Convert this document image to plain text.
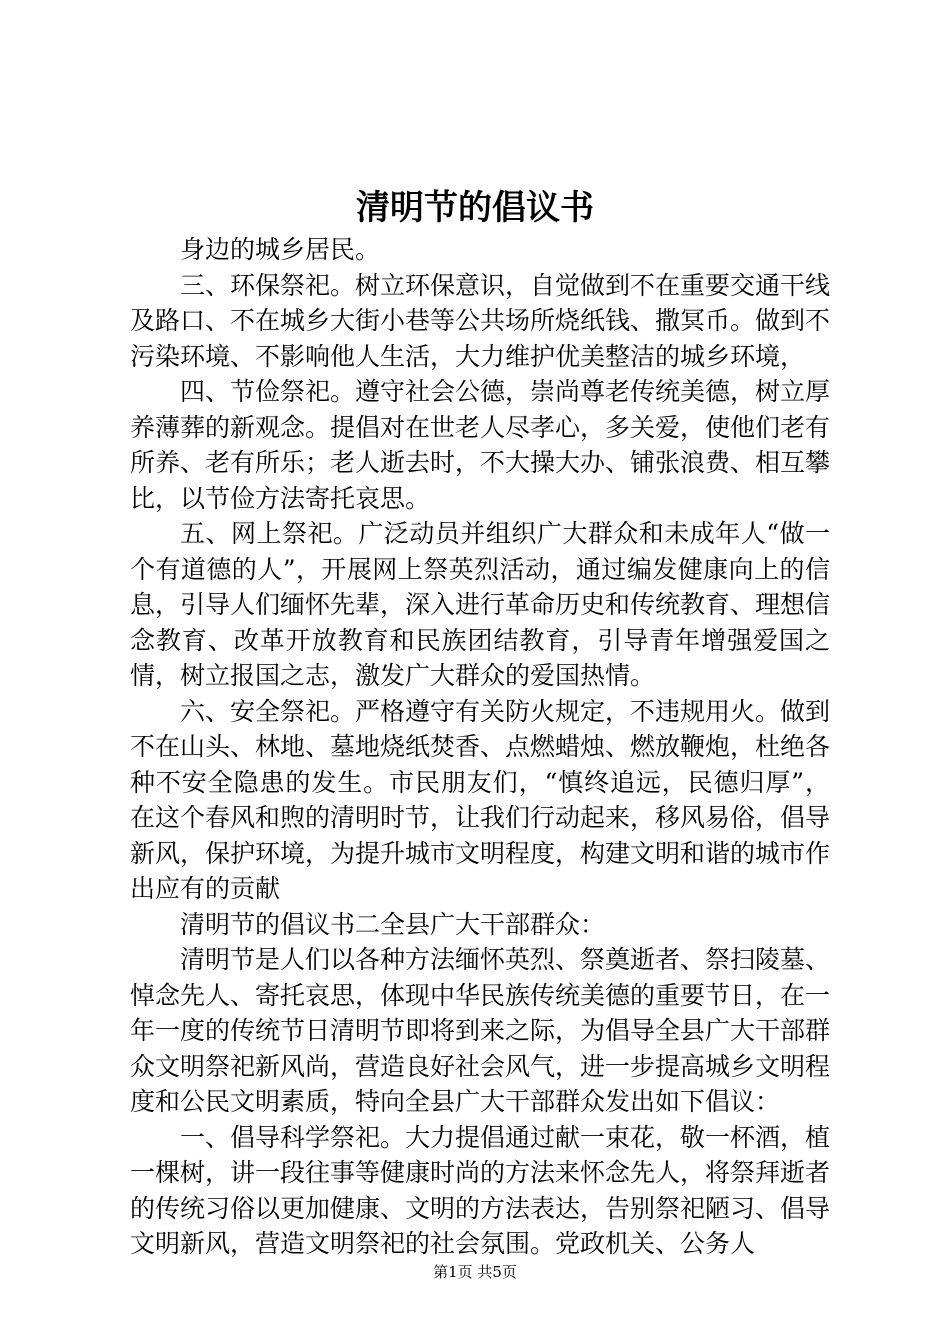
清明节的倡议书

身边的城乡居民。

三、环保祭祀。树立环保意识，自觉做到不在重要交通干线及路口、不在城乡大街小巷等公共场所烧纸钱、撒冥币。做到不污染环境、不影响他人生活，大力维护优美整洁的城乡环境，

四、节俭祭祀。遵守社会公德，崇尚尊老传统美德，树立厚养薄葬的新观念。提倡对在世老人尽孝心，多关爱，使他们老有所养、老有所乐；老人逝去时，不大操大办、铺张浪费、相互攀比，以节俭方法寄托哀思。

五、网上祭祀。广泛动员并组织广大群众和未成年人“做一个有道德的人”，开展网上祭英烈活动，通过编发健康向上的信息，引导人们缅怀先辈，深入进行革命历史和传统教育、理想信念教育、改革开放教育和民族团结教育，引导青年增强爱国之情，树立报国之志，激发广大群众的爱国热情。

六、安全祭祀。严格遵守有关防火规定，不违规用火。做到不在山头、林地、墓地烧纸焚香、点燃蜡烛、燃放鞭炮，杜绝各种不安全隐患的发生。市民朋友们，“慎终追远，民德归厚”，在这个春风和煦的清明时节，让我们行动起来，移风易俗，倡导新风，保护环境，为提升城市文明程度，构建文明和谐的城市作出应有的贡献

清明节的倡议书二全县广大干部群众：

清明节是人们以各种方法缅怀英烈、祭奠逝者、祭扫陵墓、悼念先人、寄托哀思，体现中华民族传统美德的重要节日，在一年一度的传统节日清明节即将到来之际，为倡导全县广大干部群众文明祭祀新风尚，营造良好社会风气，进一步提高城乡文明程度和公民文明素质，特向全县广大干部群众发出如下倡议：

一、倡导科学祭祀。大力提倡通过献一束花，敬一杯酒，植一棵树，讲一段往事等健康时尚的方法来怀念先人，将祭拜逝者的传统习俗以更加健康、文明的方法表达，告别祭祀陋习、倡导文明新风，营造文明祭祀的社会氛围。党政机关、公务人

第1页 共5页
